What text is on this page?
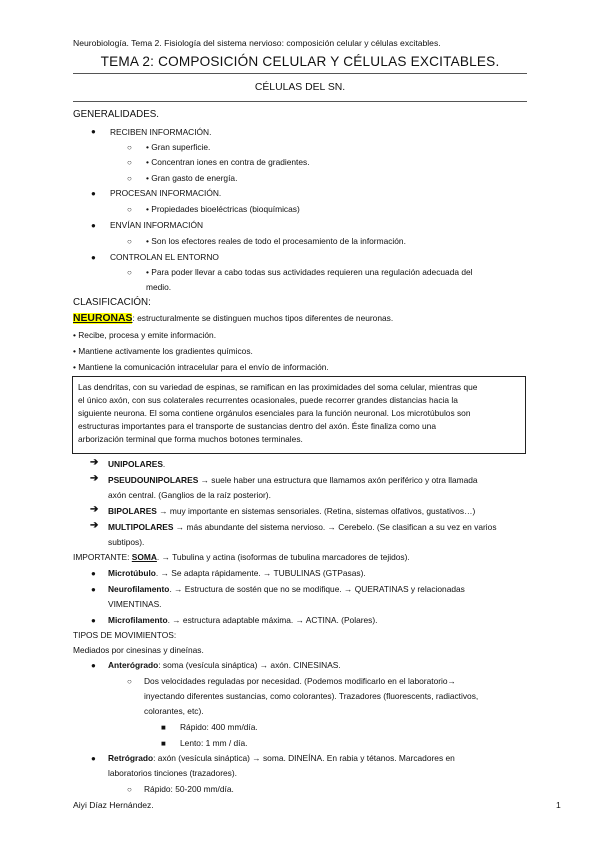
Neurobiología. Tema 2. Fisiología del sistema nervioso: composición celular y células excitables.
TEMA 2: COMPOSICIÓN CELULAR Y CÉLULAS EXCITABLES.
CÉLULAS DEL SN.
GENERALIDADES.
● RECIBEN INFORMACIÓN.
○ • Gran superficie.
○ • Concentran iones en contra de gradientes.
○ • Gran gasto de energía.
● PROCESAN INFORMACIÓN.
○ • Propiedades bioeléctricas (bioquímicas)
● ENVÍAN INFORMACIÓN
○ • Son los efectores reales de todo el procesamiento de la información.
● CONTROLAN EL ENTORNO
○ • Para poder llevar a cabo todas sus actividades requieren una regulación adecuada del
medio.
CLASIFICACIÓN:
NEURONAS: estructuralmente se distinguen muchos tipos diferentes de neuronas.
• Recibe, procesa y emite información.
• Mantiene activamente los gradientes químicos.
• Mantiene la comunicación intracelular para el envío de información.
Las dendritas, con su variedad de espinas, se ramifican en las proximidades del soma celular, mientras que
el único axón, con sus colaterales recurrentes ocasionales, puede recorrer grandes distancias hacia la
siguiente neurona. El soma contiene orgánulos esenciales para la función neuronal. Los microtúbulos son
estructuras importantes para el transporte de sustancias dentro del axón. Éste finaliza como una
arborización terminal que forma muchos botones terminales.
➔ UNIPOLARES.
➔ PSEUDOUNIPOLARES → suele haber una estructura que llamamos axón periférico y otra llamada
axón central. (Ganglios de la raíz posterior).
➔ BIPOLARES → muy importante en sistemas sensoriales. (Retina, sistemas olfativos, gustativos…)
➔ MULTIPOLARES → más abundante del sistema nervioso. → Cerebelo. (Se clasifican a su vez en varios
subtipos).
IMPORTANTE: SOMA. → Tubulina y actina (isoformas de tubulina marcadores de tejidos).
● Microtúbulo. → Se adapta rápidamente. → TUBULINAS (GTPasas).
● Neurofilamento. → Estructura de sostén que no se modifique. → QUERATINAS y relacionadas
VIMENTINAS.
● Microfilamento. → estructura adaptable máxima. → ACTINA. (Polares).
TIPOS DE MOVIMIENTOS:
Mediados por cinesinas y dineínas.
● Anterógrado: soma (vesícula sináptica) → axón. CINESINAS.
○ Dos velocidades reguladas por necesidad. (Podemos modificarlo en el laboratorio→
inyectando diferentes sustancias, como colorantes). Trazadores (fluorescents, radiactivos,
colorantes, etc).
■ Rápido: 400 mm/día.
■ Lento: 1 mm / día.
● Retrógrado: axón (vesícula sináptica) → soma. DINEÍNA. En rabia y tétanos. Marcadores en
laboratorios tinciones (trazadores).
○ Rápido: 50-200 mm/día.
Aiyi Díaz Hernández.	1
